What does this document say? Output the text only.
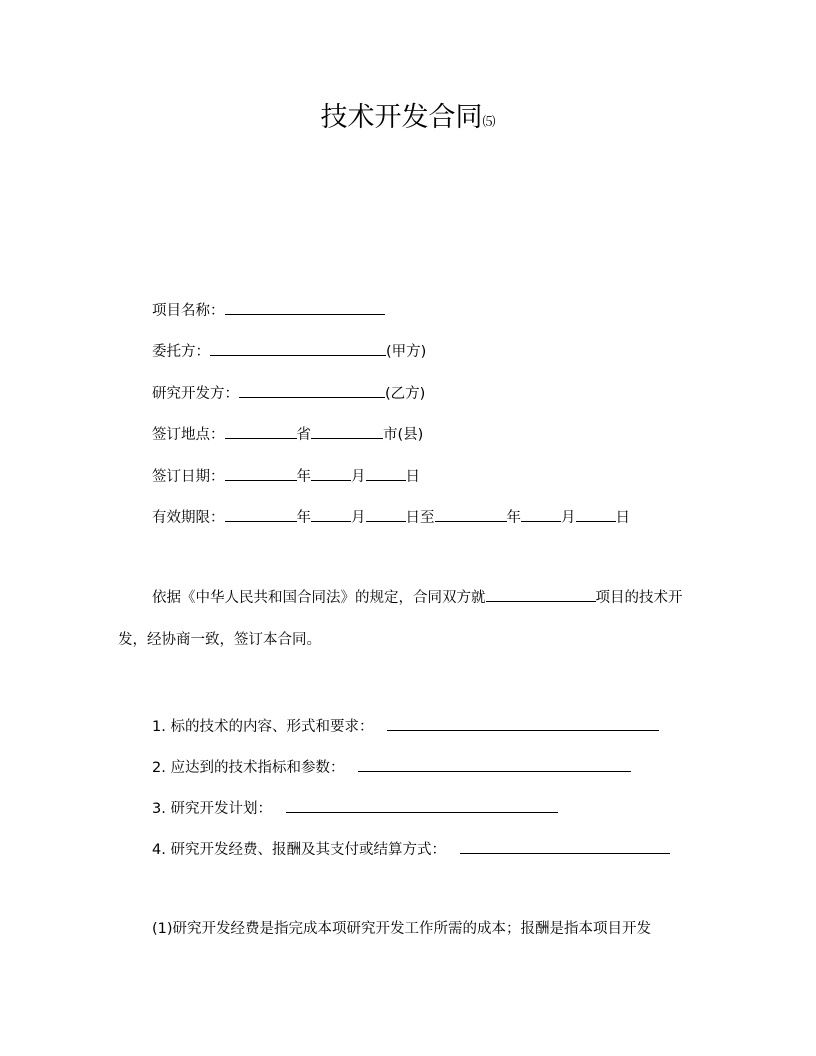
技术开发合同⑸
项目名称：
委托方：	(甲方)
研究开发方：	(乙方)
签订地点：	省	市(县)
签订日期：	年	月	日
有效期限：	年	月	日至	年	月	日
依据《中华人民共和国合同法》的规定，合同双方就	项目的技术开发，经协商一致，签订本合同。
1. 标的技术的内容、形式和要求：
2. 应达到的技术指标和参数：
3. 研究开发计划：
4. 研究开发经费、报酬及其支付或结算方式：
(1)研究开发经费是指完成本项研究开发工作所需的成本；报酬是指本项目开发
